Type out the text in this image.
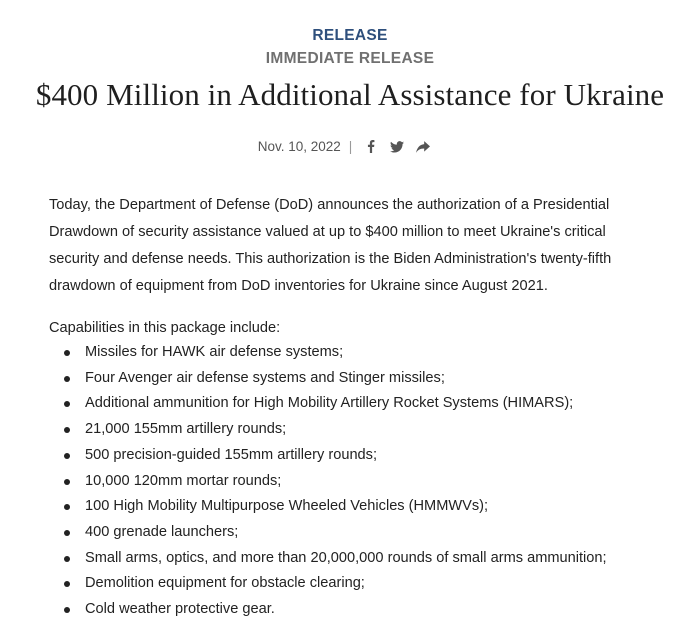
RELEASE
IMMEDIATE RELEASE
$400 Million in Additional Assistance for Ukraine
Nov. 10, 2022 |

Today, the Department of Defense (DoD) announces the authorization of a Presidential Drawdown of security assistance valued at up to $400 million to meet Ukraine's critical security and defense needs. This authorization is the Biden Administration's twenty-fifth drawdown of equipment from DoD inventories for Ukraine since August 2021.

Capabilities in this package include:

Missiles for HAWK air defense systems;
Four Avenger air defense systems and Stinger missiles;
Additional ammunition for High Mobility Artillery Rocket Systems (HIMARS);
21,000 155mm artillery rounds;
500 precision-guided 155mm artillery rounds;
10,000 120mm mortar rounds;
100 High Mobility Multipurpose Wheeled Vehicles (HMMWVs);
400 grenade launchers;
Small arms, optics, and more than 20,000,000 rounds of small arms ammunition;
Demolition equipment for obstacle clearing;
Cold weather protective gear.
